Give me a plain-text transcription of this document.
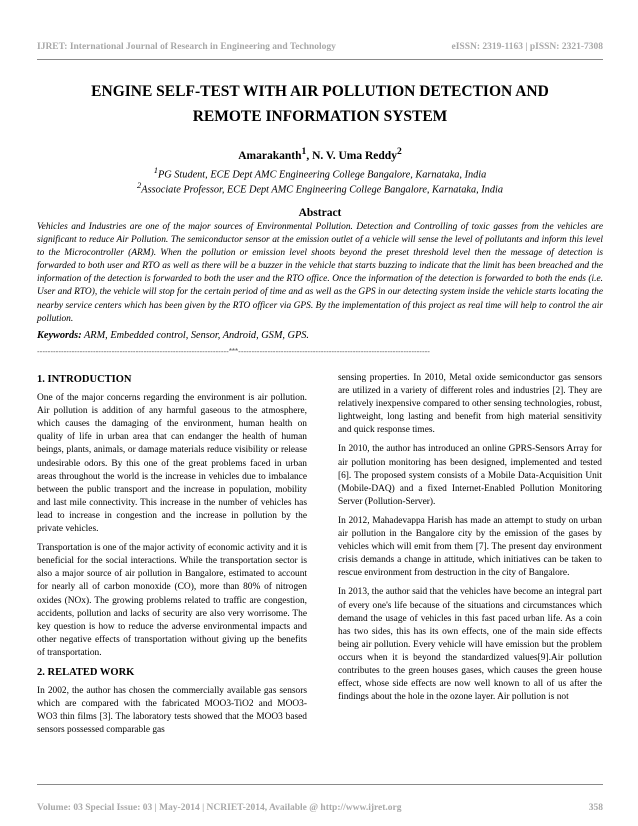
IJRET: International Journal of Research in Engineering and Technology	eISSN: 2319-1163 | pISSN: 2321-7308
ENGINE SELF-TEST WITH AIR POLLUTION DETECTION AND
REMOTE INFORMATION SYSTEM
Amarakanth$^1$, N. V. Uma Reddy$^2$
$^1$PG Student, ECE Dept AMC Engineering College Bangalore, Karnataka, India
$^2$Associate Professor, ECE Dept AMC Engineering College Bangalore, Karnataka, India
Abstract
Vehicles and Industries are one of the major sources of Environmental Pollution. Detection and Controlling of toxic gasses from the vehicles are significant to reduce Air Pollution. The semiconductor sensor at the emission outlet of a vehicle will sense the level of pollutants and inform this level to the Microcontroller (ARM). When the pollution or emission level shoots beyond the preset threshold level then the message of detection is forwarded to both user and RTO as well as there will be a buzzer in the vehicle that starts buzzing to indicate that the limit has been breached and the information of the detection is forwarded to both the user and the RTO office. Once the information of the detection is forwarded to both the ends (i.e. User and RTO), the vehicle will stop for the certain period of time and as well as the GPS in our detecting system inside the vehicle starts locating the nearby service centers which has been given by the RTO officer via GPS. By the implementation of this project as real time will help to control the air pollution.
Keywords: ARM, Embedded control, Sensor, Android, GSM, GPS.
------------------------------------------------------------------------***------------------------------------------------------------------------
1. INTRODUCTION

One of the major concerns regarding the environment is air pollution. Air pollution is addition of any harmful gaseous to the atmosphere, which causes the damaging of the environment, human health on quality of life in urban area that can endanger the health of human beings, plants, animals, or damage materials reduce visibility or release undesirable odors. By this one of the great problems faced in urban areas throughout the world is the increase in vehicles due to imbalance between the public transport and the increase in population, mobility and last mile connectivity. This increase in the number of vehicles has lead to increase in congestion and the increase in pollution by the private vehicles.

Transportation is one of the major activity of economic activity and it is beneficial for the social interactions. While the transportation sector is also a major source of air pollution in Bangalore, estimated to account for nearly all of carbon monoxide (CO), more than 80% of nitrogen oxides (NOx). The growing problems related to traffic are congestion, accidents, pollution and lacks of security are also very worrisome. The key question is how to reduce the adverse environmental impacts and other negative effects of transportation without giving up the benefits of transportation.

2. RELATED WORK

In 2002, the author has chosen the commercially available gas sensors which are compared with the fabricated MOO3-TiO2 and MOO3- WO3 thin films [3]. The laboratory tests showed that the MOO3 based sensors possessed comparable gas

sensing properties. In 2010, Metal oxide semiconductor gas sensors are utilized in a variety of different roles and industries [2]. They are relatively inexpensive compared to other sensing technologies, robust, lightweight, long lasting and benefit from high material sensitivity and quick response times.

In 2010, the author has introduced an online GPRS-Sensors Array for air pollution monitoring has been designed, implemented and tested [6]. The proposed system consists of a Mobile Data-Acquisition Unit (Mobile-DAQ) and a fixed Internet-Enabled Pollution Monitoring Server (Pollution-Server).

In 2012, Mahadevappa Harish has made an attempt to study on urban air pollution in the Bangalore city by the emission of the gases by vehicles which will emit from them [7]. The present day environment crisis demands a change in attitude, which initiatives can be taken to rescue environment from destruction in the city of Bangalore.

In 2013, the author said that the vehicles have become an integral part of every one's life because of the situations and circumstances which demand the usage of vehicles in this fast paced urban life. As a coin has two sides, this has its own effects, one of the main side effects being air pollution. Every vehicle will have emission but the problem occurs when it is beyond the standardized values[9].Air pollution contributes to the green houses gases, which causes the green house effect, whose side effects are now well known to all of us after the findings about the hole in the ozone layer. Air pollution is not

Volume: 03 Special Issue: 03 | May-2014 | NCRIET-2014, Available @ http://www.ijret.org	358
